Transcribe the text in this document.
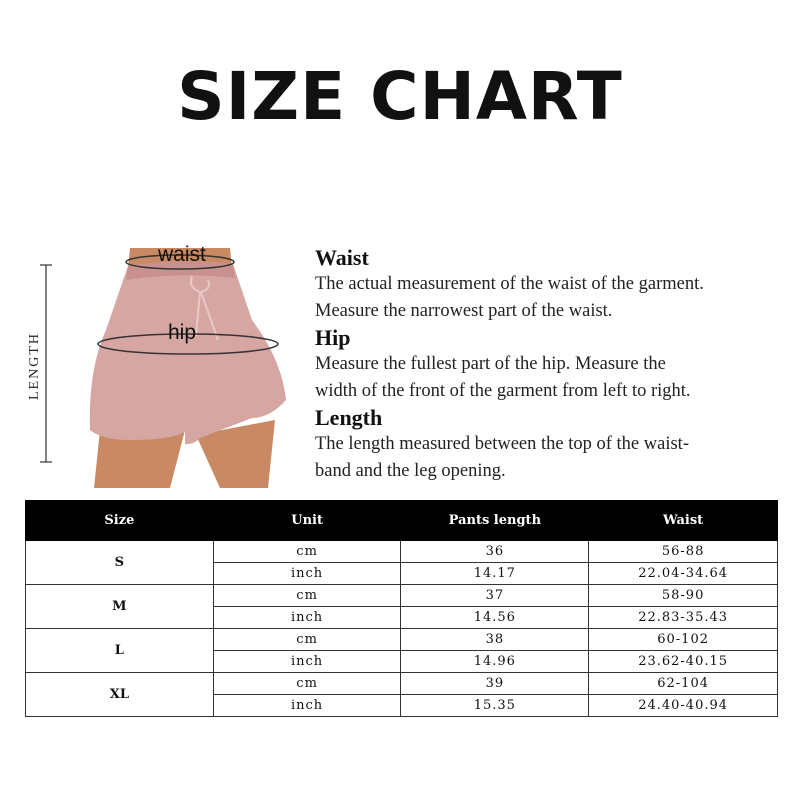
SIZE CHART
waist
hip
LENGTH
Waist
The actual measurement of the waist of the garment.
Measure the narrowest part of the waist.
Hip
Measure the fullest part of the hip. Measure the
width of the front of the garment from left to right.
Length
The length measured between the top of the waist-
band and the leg opening.
Size	Unit	Pants length	Waist
S	cm	36	56-88
	inch	14.17	22.04-34.64
M	cm	37	58-90
	inch	14.56	22.83-35.43
L	cm	38	60-102
	inch	14.96	23.62-40.15
XL	cm	39	62-104
	inch	15.35	24.40-40.94
